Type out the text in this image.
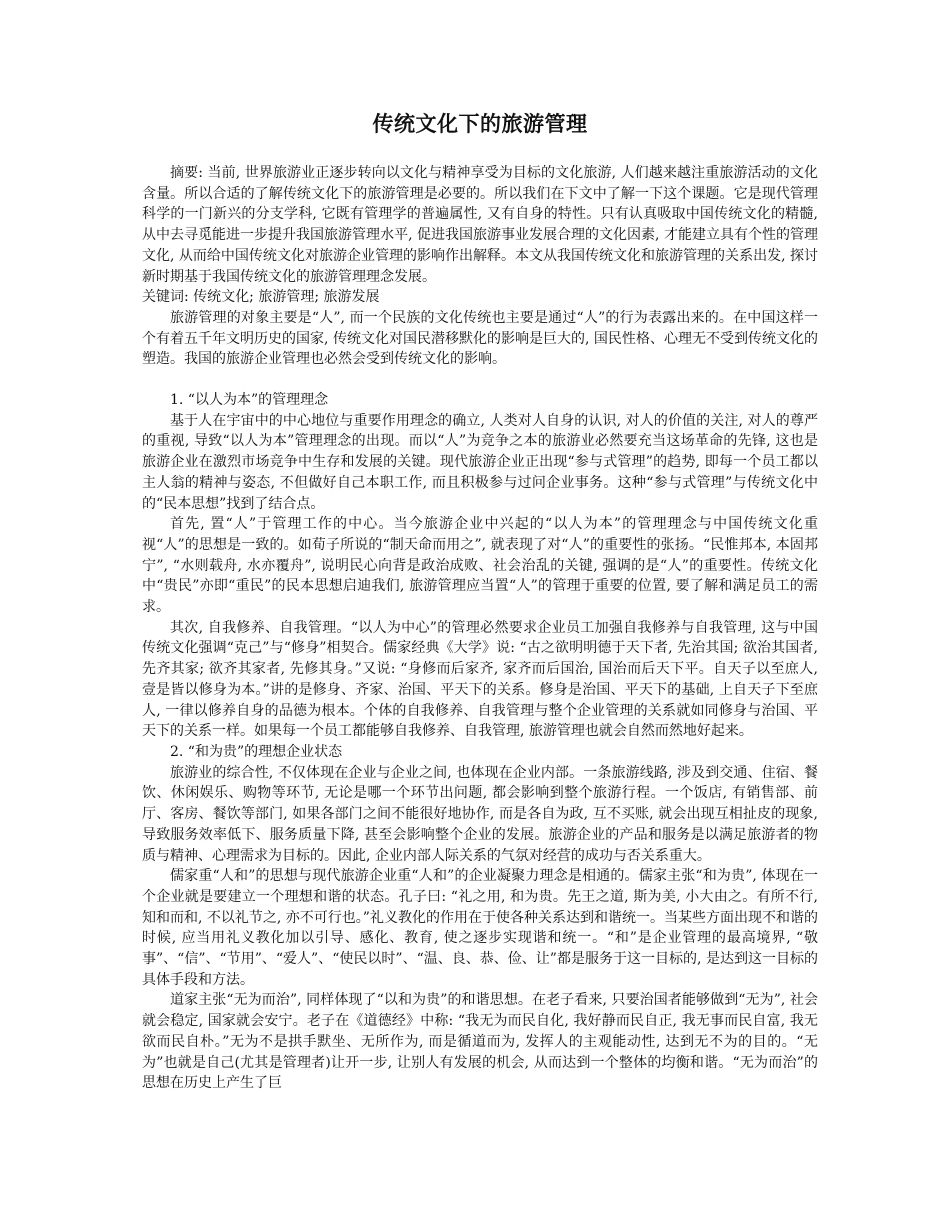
传统文化下的旅游管理

摘要: 当前, 世界旅游业正逐步转向以文化与精神享受为目标的文化旅游, 人们越来越注重旅游活动的文化含量。所以合适的了解传统文化下的旅游管理是必要的。所以我们在下文中了解一下这个课题。它是现代管理科学的一门新兴的分支学科, 它既有管理学的普遍属性, 又有自身的特性。只有认真吸取中国传统文化的精髓, 从中去寻觅能进一步提升我国旅游管理水平, 促进我国旅游事业发展合理的文化因素, 才能建立具有个性的管理文化, 从而给中国传统文化对旅游企业管理的影响作出解释。本文从我国传统文化和旅游管理的关系出发, 探讨新时期基于我国传统文化的旅游管理理念发展。

关键词: 传统文化; 旅游管理; 旅游发展

旅游管理的对象主要是“人”, 而一个民族的文化传统也主要是通过“人”的行为表露出来的。在中国这样一个有着五千年文明历史的国家, 传统文化对国民潜移默化的影响是巨大的, 国民性格、心理无不受到传统文化的塑造。我国的旅游企业管理也必然会受到传统文化的影响。

1. “以人为本”的管理理念

基于人在宇宙中的中心地位与重要作用理念的确立, 人类对人自身的认识, 对人的价值的关注, 对人的尊严的重视, 导致“以人为本”管理理念的出现。而以“人”为竞争之本的旅游业必然要充当这场革命的先锋, 这也是旅游企业在激烈市场竞争中生存和发展的关键。现代旅游企业正出现“参与式管理”的趋势, 即每一个员工都以主人翁的精神与姿态, 不但做好自己本职工作, 而且积极参与过问企业事务。这种“参与式管理”与传统文化中的“民本思想”找到了结合点。

首先, 置“人”于管理工作的中心。当今旅游企业中兴起的“以人为本”的管理理念与中国传统文化重视“人”的思想是一致的。如荀子所说的“制天命而用之”, 就表现了对“人”的重要性的张扬。“民惟邦本, 本固邦宁”, “水则载舟, 水亦覆舟”, 说明民心向背是政治成败、社会治乱的关键, 强调的是“人”的重要性。传统文化中“贵民”亦即“重民”的民本思想启迪我们, 旅游管理应当置“人”的管理于重要的位置, 要了解和满足员工的需求。

其次, 自我修养、自我管理。“以人为中心”的管理必然要求企业员工加强自我修养与自我管理, 这与中国传统文化强调“克己”与“修身”相契合。儒家经典《大学》说: “古之欲明明德于天下者, 先治其国; 欲治其国者, 先齐其家; 欲齐其家者, 先修其身。”又说: “身修而后家齐, 家齐而后国治, 国治而后天下平。自天子以至庶人, 壹是皆以修身为本。”讲的是修身、齐家、治国、平天下的关系。修身是治国、平天下的基础, 上自天子下至庶人, 一律以修养自身的品德为根本。个体的自我修养、自我管理与整个企业管理的关系就如同修身与治国、平天下的关系一样。如果每一个员工都能够自我修养、自我管理, 旅游管理也就会自然而然地好起来。

2. “和为贵”的理想企业状态

旅游业的综合性, 不仅体现在企业与企业之间, 也体现在企业内部。一条旅游线路, 涉及到交通、住宿、餐饮、休闲娱乐、购物等环节, 无论是哪一个环节出问题, 都会影响到整个旅游行程。一个饭店, 有销售部、前厅、客房、餐饮等部门, 如果各部门之间不能很好地协作, 而是各自为政, 互不买账, 就会出现互相扯皮的现象, 导致服务效率低下、服务质量下降, 甚至会影响整个企业的发展。旅游企业的产品和服务是以满足旅游者的物质与精神、心理需求为目标的。因此, 企业内部人际关系的气氛对经营的成功与否关系重大。

儒家重“人和”的思想与现代旅游企业重“人和”的企业凝聚力理念是相通的。儒家主张“和为贵”, 体现在一个企业就是要建立一个理想和谐的状态。孔子曰: “礼之用, 和为贵。先王之道, 斯为美, 小大由之。有所不行, 知和而和, 不以礼节之, 亦不可行也。”礼义教化的作用在于使各种关系达到和谐统一。当某些方面出现不和谐的时候, 应当用礼义教化加以引导、感化、教育, 使之逐步实现谐和统一。“和”是企业管理的最高境界, “敬事”、“信”、“节用”、“爱人”、“使民以时”、“温、良、恭、俭、让”都是服务于这一目标的, 是达到这一目标的具体手段和方法。

道家主张“无为而治”, 同样体现了“以和为贵”的和谐思想。在老子看来, 只要治国者能够做到“无为”, 社会就会稳定, 国家就会安宁。老子在《道德经》中称: “我无为而民自化, 我好静而民自正, 我无事而民自富, 我无欲而民自朴。”无为不是拱手默坐、无所作为, 而是循道而为, 发挥人的主观能动性, 达到无不为的目的。“无为”也就是自己(尤其是管理者)让开一步, 让别人有发展的机会, 从而达到一个整体的均衡和谐。“无为而治”的思想在历史上产生了巨
